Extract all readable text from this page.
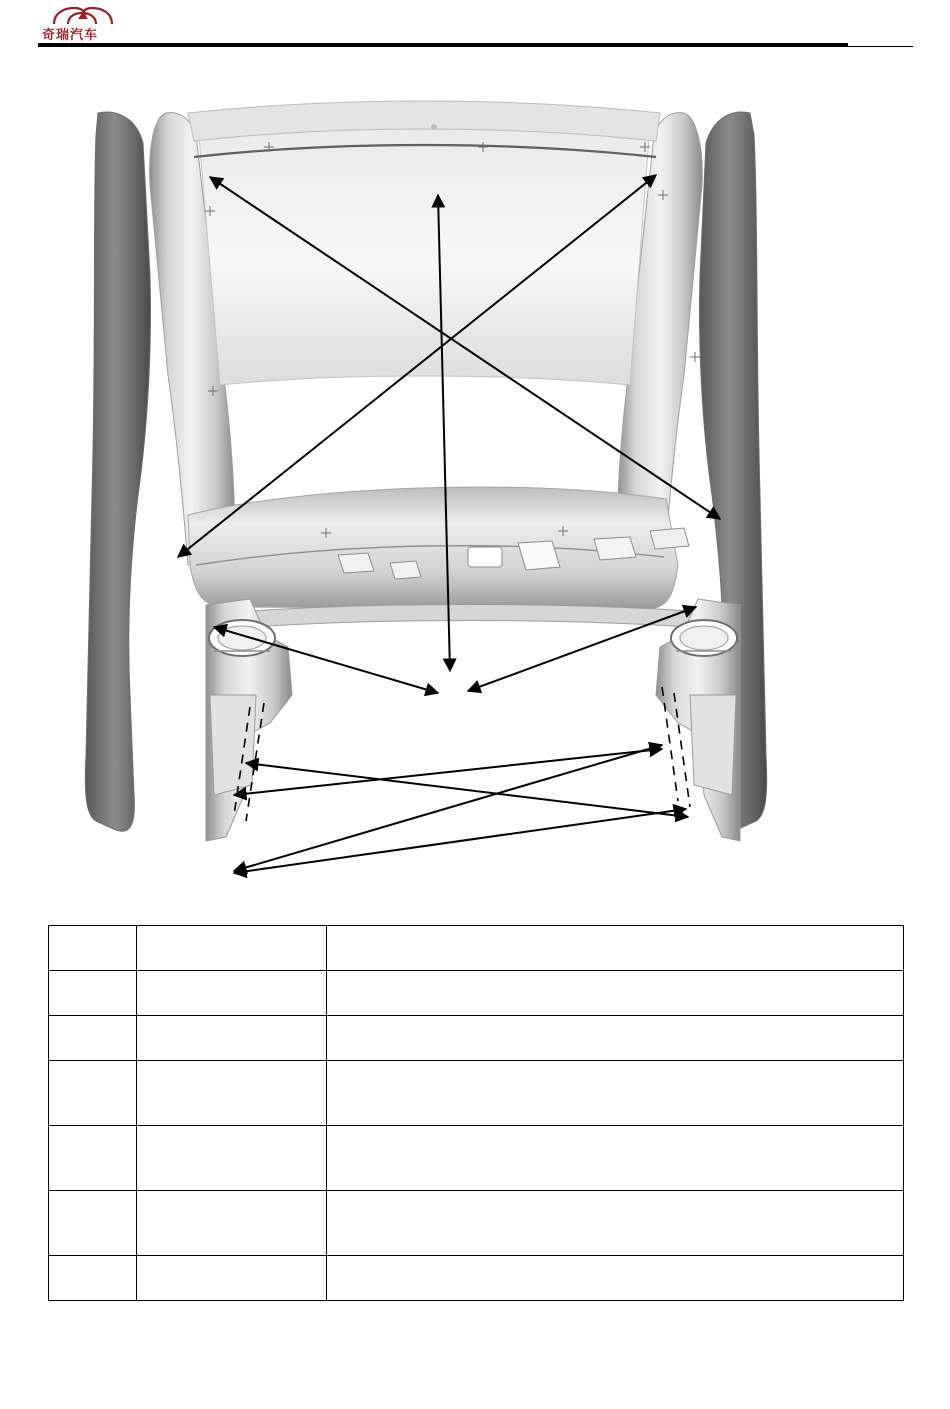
奇瑞汽车
